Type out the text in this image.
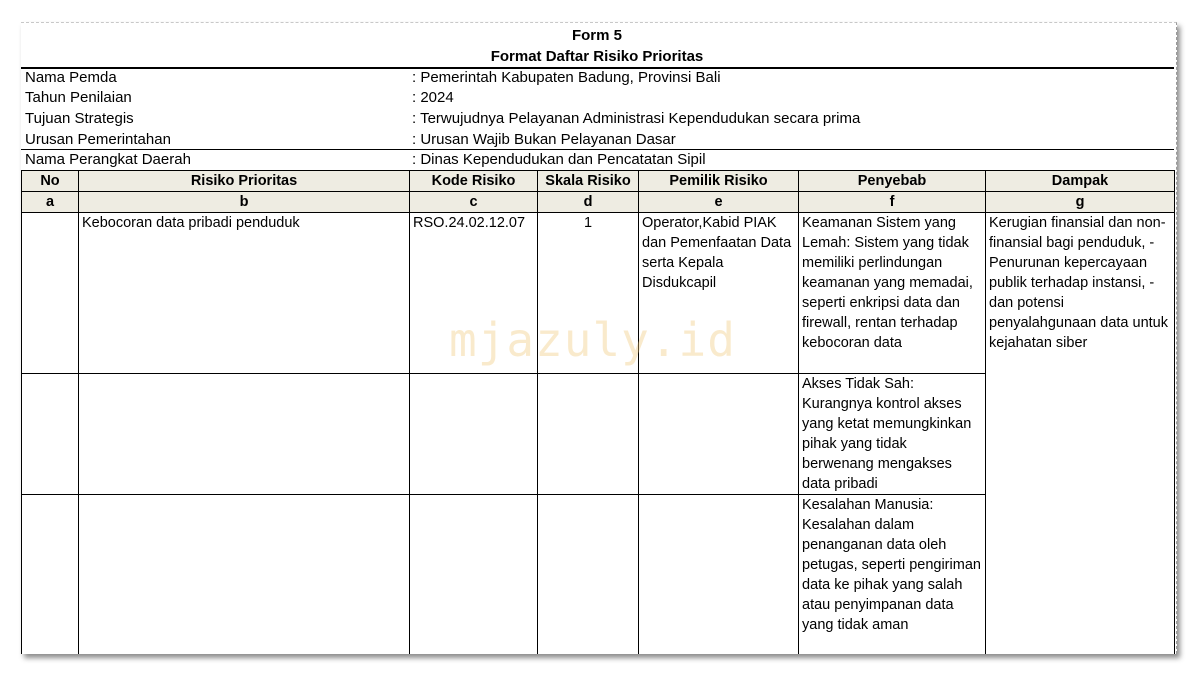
Form 5
Format Daftar Risiko Prioritas
Nama Pemda	: Pemerintah Kabupaten Badung, Provinsi Bali
Tahun Penilaian	: 2024
Tujuan Strategis	: Terwujudnya Pelayanan Administrasi Kependudukan secara prima
Urusan Pemerintahan	: Urusan Wajib Bukan Pelayanan Dasar
Nama Perangkat Daerah	: Dinas Kependudukan dan Pencatatan Sipil
No	Risiko Prioritas	Kode Risiko	Skala Risiko	Pemilik Risiko	Penyebab	Dampak
a	b	c	d	e	f	g
	Kebocoran data pribadi penduduk	RSO.24.02.12.07	1	Operator,Kabid PIAK dan Pemenfaatan Data serta Kepala Disdukcapil	Keamanan Sistem yang Lemah: Sistem yang tidak memiliki perlindungan keamanan yang memadai, seperti enkripsi data dan firewall, rentan terhadap kebocoran data	Kerugian finansial dan non-finansial bagi penduduk, - Penurunan kepercayaan publik terhadap instansi, - dan potensi penyalahgunaan data untuk kejahatan siber
					Akses Tidak Sah: Kurangnya kontrol akses yang ketat memungkinkan pihak yang tidak berwenang mengakses data pribadi	
					Kesalahan Manusia: Kesalahan dalam penanganan data oleh petugas, seperti pengiriman data ke pihak yang salah atau penyimpanan data yang tidak aman	
mjazuly.id
